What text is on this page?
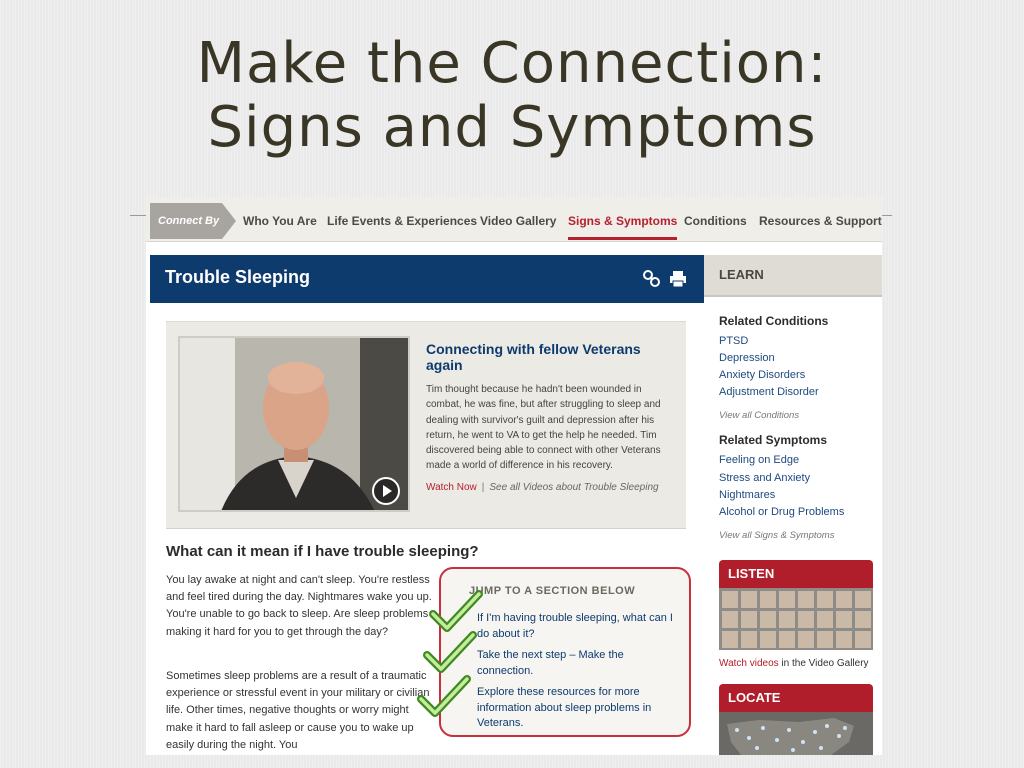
Make the Connection:
Signs and Symptoms
Connect By Who You Are Life Events & Experiences Video Gallery Signs & Symptoms Conditions Resources & Support
Trouble Sleeping
Connecting with fellow Veterans again
Tim thought because he hadn't been wounded in combat, he was fine, but after struggling to sleep and dealing with survivor's guilt and depression after his return, he went to VA to get the help he needed. Tim discovered being able to connect with other Veterans made a world of difference in his recovery.
Watch Now | See all Videos about Trouble Sleeping
What can it mean if I have trouble sleeping?
You lay awake at night and can't sleep. You're restless and feel tired during the day. Nightmares wake you up. You're unable to go back to sleep. Are sleep problems making it hard for you to get through the day?
Sometimes sleep problems are a result of a traumatic experience or stressful event in your military or civilian life. Other times, negative thoughts or worry might make it hard to fall asleep or cause you to wake up easily during the night. You
JUMP TO A SECTION BELOW
If I'm having trouble sleeping, what can I do about it?
Take the next step – Make the connection.
Explore these resources for more information about sleep problems in Veterans.
LEARN
Related Conditions
PTSD
Depression
Anxiety Disorders
Adjustment Disorder
View all Conditions
Related Symptoms
Feeling on Edge
Stress and Anxiety
Nightmares
Alcohol or Drug Problems
View all Signs & Symptoms
LISTEN
Watch videos in the Video Gallery
LOCATE
